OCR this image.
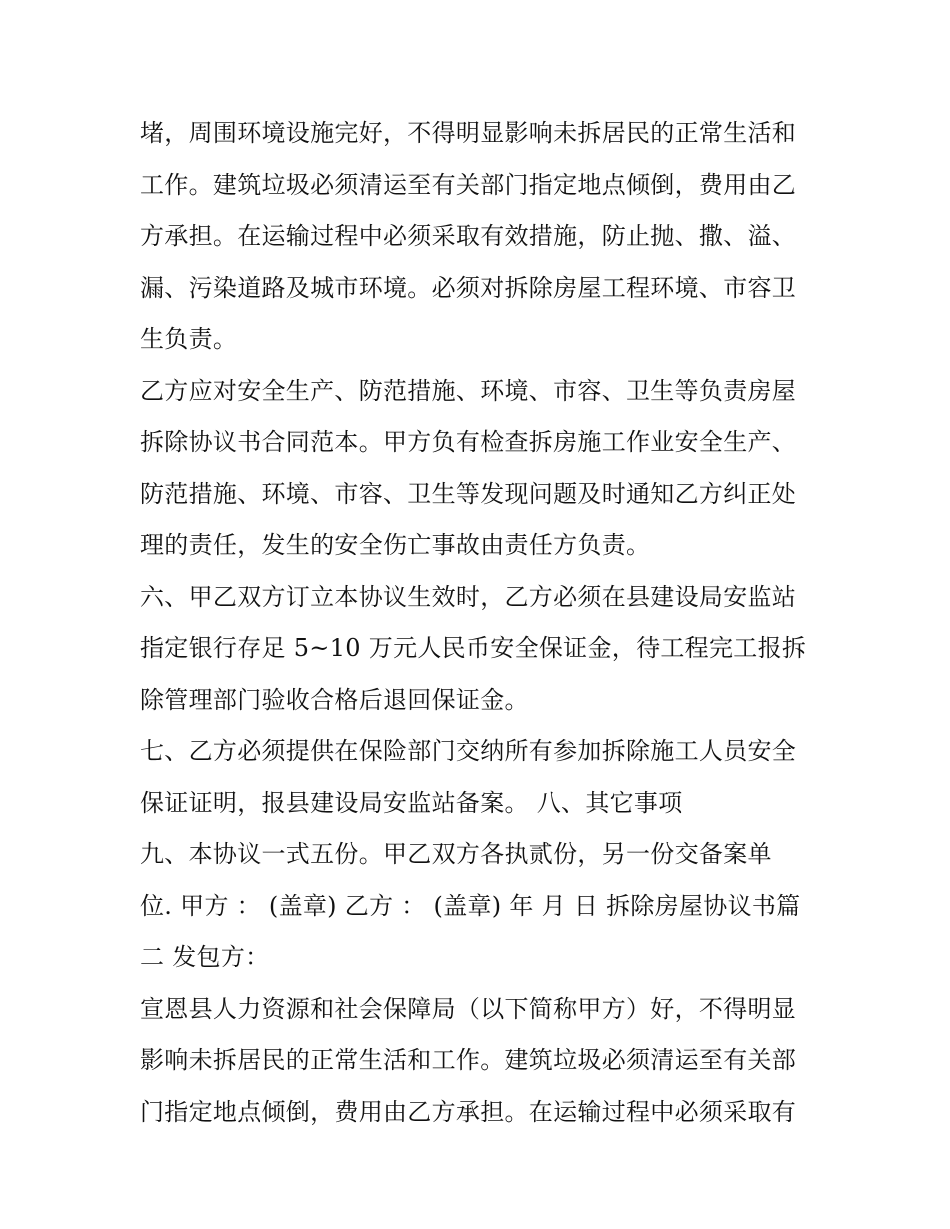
堵，周围环境设施完好，不得明显影响未拆居民的正常生活和
工作。建筑垃圾必须清运至有关部门指定地点倾倒，费用由乙
方承担。在运输过程中必须采取有效措施，防止抛、撒、溢、
漏、污染道路及城市环境。必须对拆除房屋工程环境、市容卫
生负责。
乙方应对安全生产、防范措施、环境、市容、卫生等负责房屋
拆除协议书合同范本。甲方负有检查拆房施工作业安全生产、
防范措施、环境、市容、卫生等发现问题及时通知乙方纠正处
理的责任，发生的安全伤亡事故由责任方负责。
六、甲乙双方订立本协议生效时，乙方必须在县建设局安监站
指定银行存足 5~10 万元人民币安全保证金，待工程完工报拆
除管理部门验收合格后退回保证金。
七、乙方必须提供在保险部门交纳所有参加拆除施工人员安全
保证证明，报县建设局安监站备案。 八、其它事项
九、本协议一式五份。甲乙双方各执贰份，另一份交备案单
位. 甲方 ： (盖章) 乙方 ： (盖章) 年 月 日 拆除房屋协议书篇
二 发包方：
宣恩县人力资源和社会保障局（以下简称甲方）好，不得明显
影响未拆居民的正常生活和工作。建筑垃圾必须清运至有关部
门指定地点倾倒，费用由乙方承担。在运输过程中必须采取有
